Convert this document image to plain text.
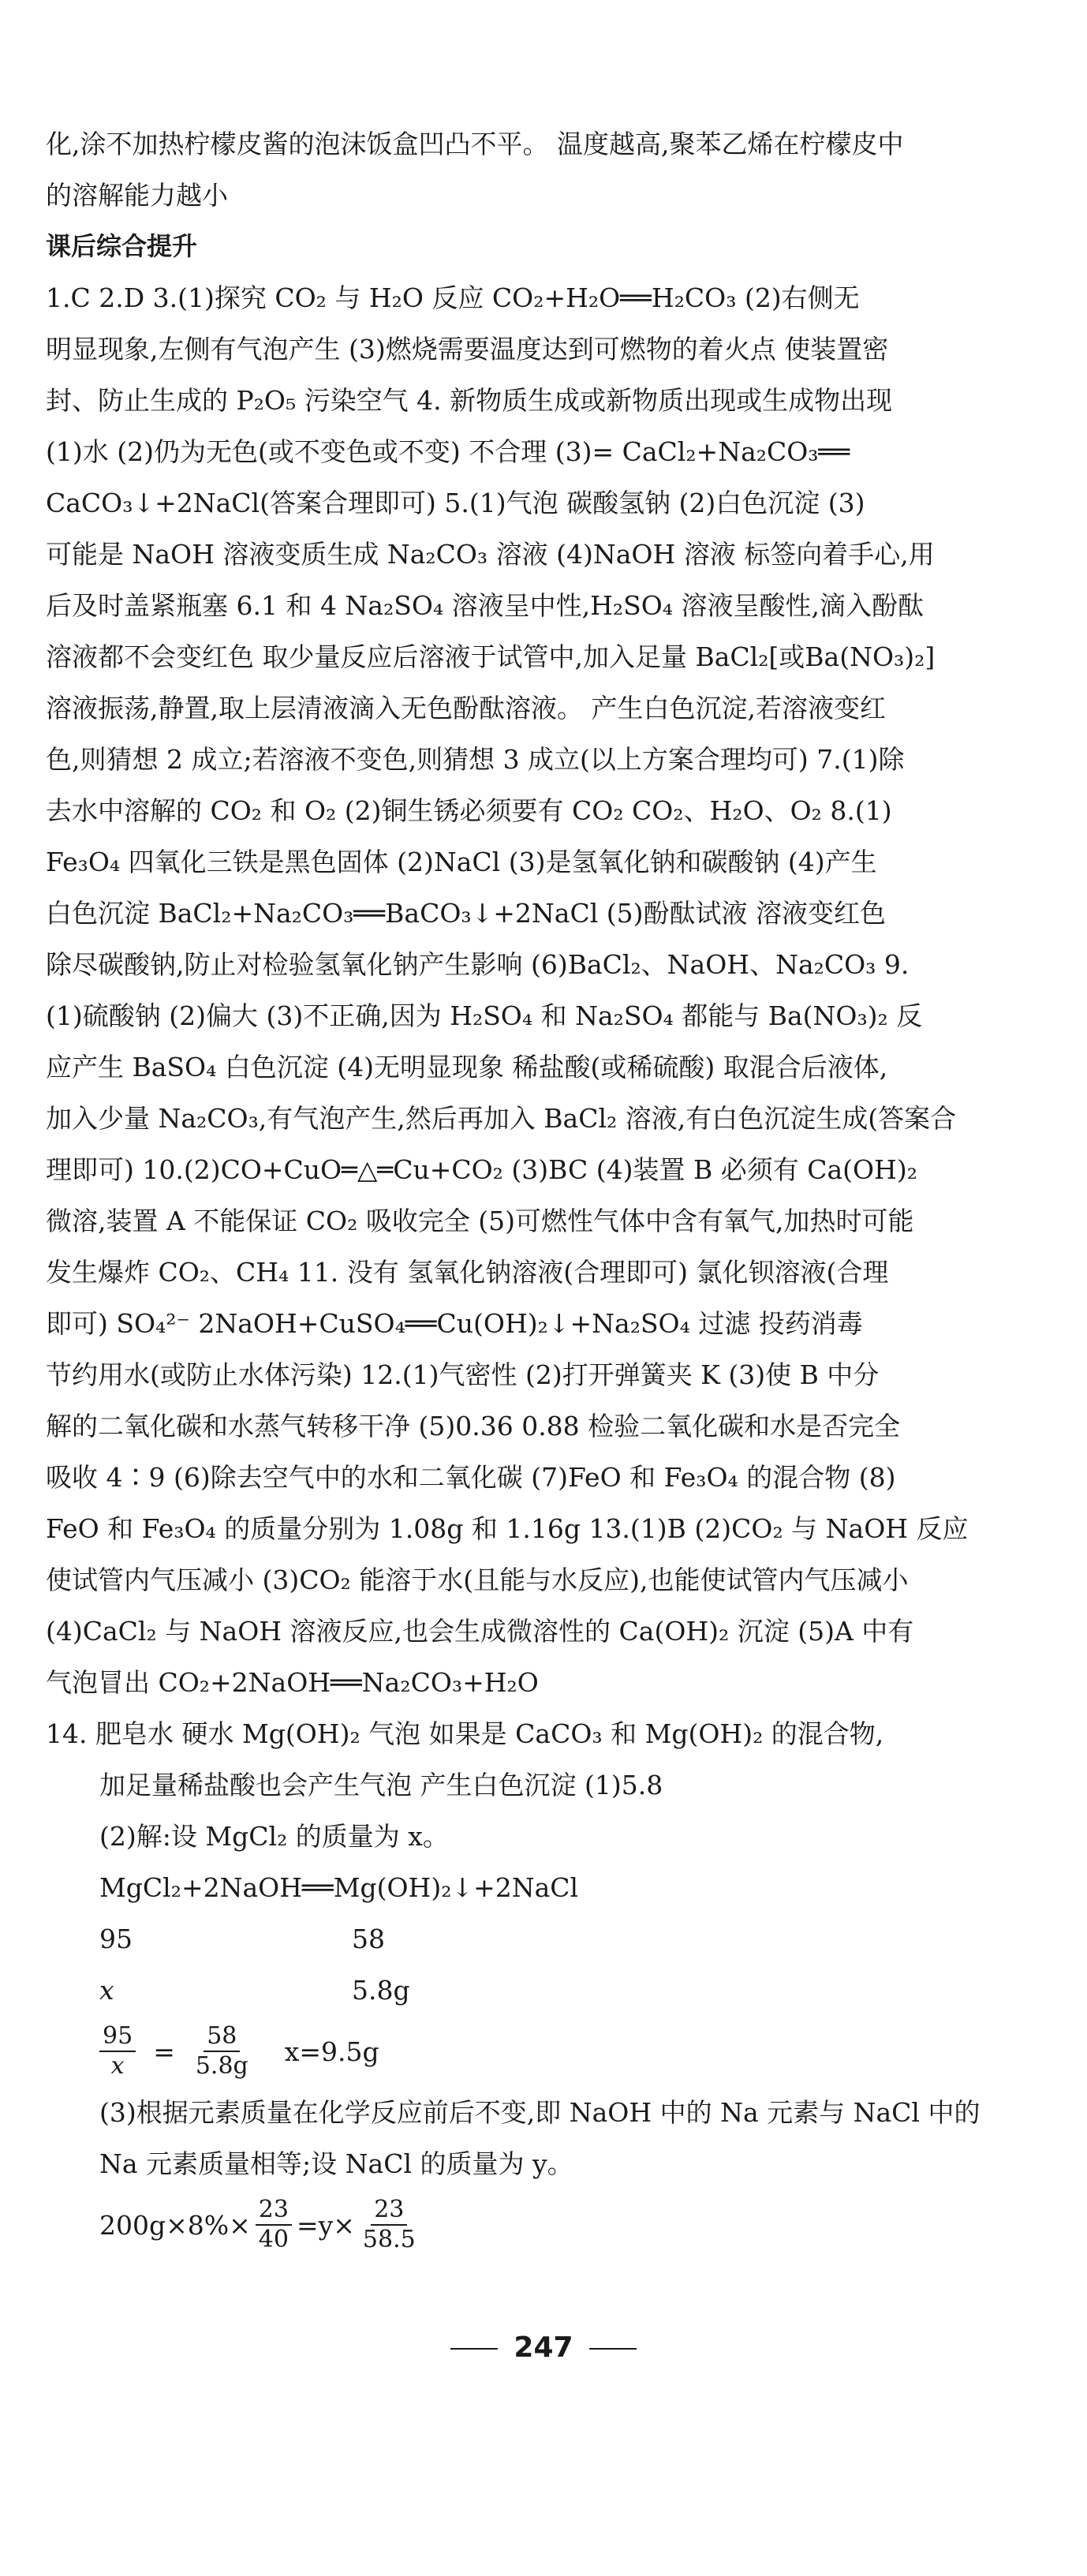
化,涂不加热柠檬皮酱的泡沫饭盒凹凸不平。 温度越高,聚苯乙烯在柠檬皮中

的溶解能力越小

课后综合提升

1.C 2.D 3.(1)探究 CO₂ 与 H₂O 反应 CO₂+H₂O══H₂CO₃ (2)右侧无

明显现象,左侧有气泡产生 (3)燃烧需要温度达到可燃物的着火点 使装置密

封、防止生成的 P₂O₅ 污染空气 4. 新物质生成或新物质出现或生成物出现

(1)水 (2)仍为无色(或不变色或不变) 不合理 (3)= CaCl₂+Na₂CO₃══

CaCO₃↓+2NaCl(答案合理即可) 5.(1)气泡 碳酸氢钠 (2)白色沉淀 (3)

可能是 NaOH 溶液变质生成 Na₂CO₃ 溶液 (4)NaOH 溶液 标签向着手心,用

后及时盖紧瓶塞 6.1 和 4 Na₂SO₄ 溶液呈中性,H₂SO₄ 溶液呈酸性,滴入酚酞

溶液都不会变红色 取少量反应后溶液于试管中,加入足量 BaCl₂[或Ba(NO₃)₂]

溶液振荡,静置,取上层清液滴入无色酚酞溶液。 产生白色沉淀,若溶液变红

色,则猜想 2 成立;若溶液不变色,则猜想 3 成立(以上方案合理均可) 7.(1)除

去水中溶解的 CO₂ 和 O₂ (2)铜生锈必须要有 CO₂ CO₂、H₂O、O₂ 8.(1)

Fe₃O₄ 四氧化三铁是黑色固体 (2)NaCl (3)是氢氧化钠和碳酸钠 (4)产生

白色沉淀 BaCl₂+Na₂CO₃══BaCO₃↓+2NaCl (5)酚酞试液 溶液变红色

除尽碳酸钠,防止对检验氢氧化钠产生影响 (6)BaCl₂、NaOH、Na₂CO₃ 9.

(1)硫酸钠 (2)偏大 (3)不正确,因为 H₂SO₄ 和 Na₂SO₄ 都能与 Ba(NO₃)₂ 反

应产生 BaSO₄ 白色沉淀 (4)无明显现象 稀盐酸(或稀硫酸) 取混合后液体,

加入少量 Na₂CO₃,有气泡产生,然后再加入 BaCl₂ 溶液,有白色沉淀生成(答案合

理即可) 10.(2)CO+CuO═△═Cu+CO₂ (3)BC (4)装置 B 必须有 Ca(OH)₂

微溶,装置 A 不能保证 CO₂ 吸收完全 (5)可燃性气体中含有氧气,加热时可能

发生爆炸 CO₂、CH₄ 11. 没有 氢氧化钠溶液(合理即可) 氯化钡溶液(合理

即可) SO₄²⁻ 2NaOH+CuSO₄══Cu(OH)₂↓+Na₂SO₄ 过滤 投药消毒

节约用水(或防止水体污染) 12.(1)气密性 (2)打开弹簧夹 K (3)使 B 中分

解的二氧化碳和水蒸气转移干净 (5)0.36 0.88 检验二氧化碳和水是否完全

吸收 4∶9 (6)除去空气中的水和二氧化碳 (7)FeO 和 Fe₃O₄ 的混合物 (8)

FeO 和 Fe₃O₄ 的质量分别为 1.08g 和 1.16g 13.(1)B (2)CO₂ 与 NaOH 反应

使试管内气压减小 (3)CO₂ 能溶于水(且能与水反应),也能使试管内气压减小

(4)CaCl₂ 与 NaOH 溶液反应,也会生成微溶性的 Ca(OH)₂ 沉淀 (5)A 中有

气泡冒出 CO₂+2NaOH══Na₂CO₃+H₂O

14. 肥皂水 硬水 Mg(OH)₂ 气泡 如果是 CaCO₃ 和 Mg(OH)₂ 的混合物,

加足量稀盐酸也会产生气泡 产生白色沉淀 (1)5.8

(2)解:设 MgCl₂ 的质量为 x。

MgCl₂+2NaOH══Mg(OH)₂↓+2NaCl

95	58
x	5.8g
$\frac{95}{x} = \frac{58}{5.8g} x=9.5g$

(3)根据元素质量在化学反应前后不变,即 NaOH 中的 Na 元素与 NaCl 中的

Na 元素质量相等;设 NaCl 的质量为 y。

$200g\times 8\%\times \frac{23}{40} =y\times \frac{23}{58.5}$
247
